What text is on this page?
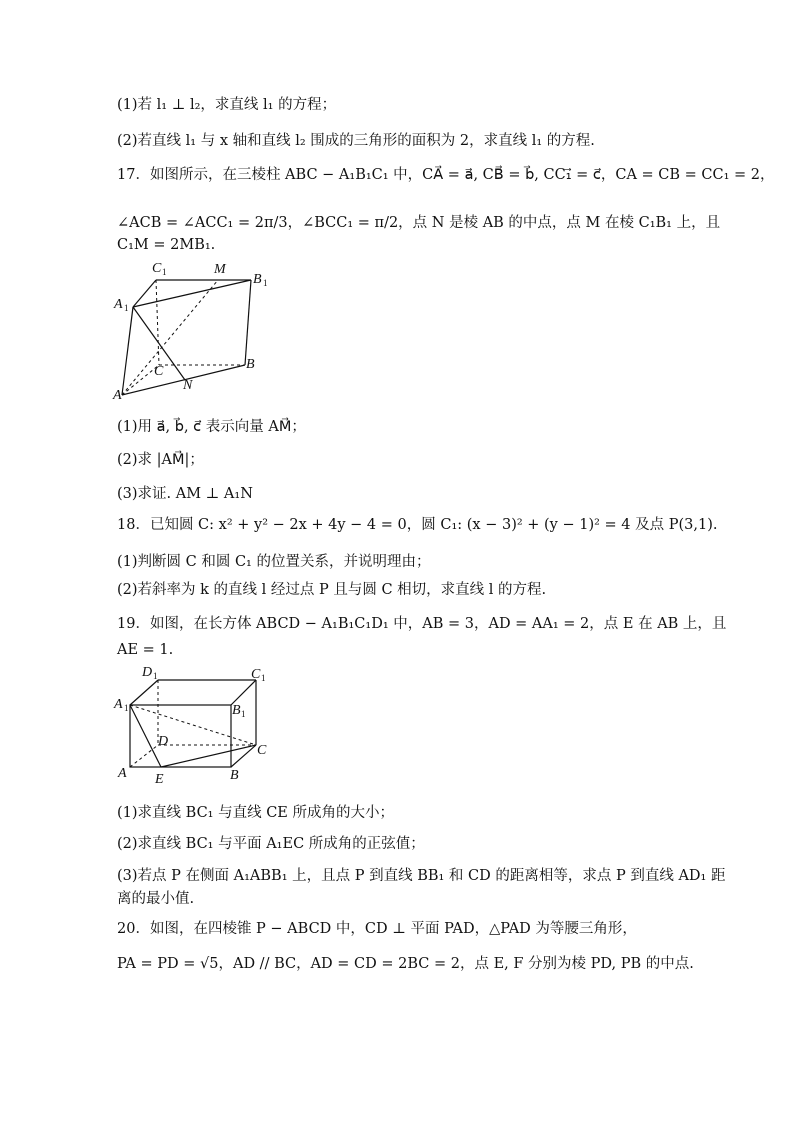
(1)若 l₁ ⊥ l₂，求直线 l₁ 的方程；
(2)若直线 l₁ 与 x 轴和直线 l₂ 围成的三角形的面积为 2，求直线 l₁ 的方程.
17．如图所示，在三棱柱 ABC − A₁B₁C₁ 中，CA⃗ = a⃗, CB⃗ = b⃗, CC₁⃗ = c⃗，CA = CB = CC₁ = 2，
∠ACB = ∠ACC₁ = 2π/3，∠BCC₁ = π/2，点 N 是棱 AB 的中点，点 M 在棱 C₁B₁ 上，且
C₁M = 2MB₁.
C 1	M
B 1
A 1
C	B
A
N
(1)用 a⃗, b⃗, c⃗ 表示向量 AM⃗；
(2)求 |AM⃗|；
(3)求证. AM ⊥ A₁N
18．已知圆 C: x² + y² − 2x + 4y − 4 = 0，圆 C₁: (x − 3)² + (y − 1)² = 4 及点 P(3,1).
(1)判断圆 C 和圆 C₁ 的位置关系，并说明理由；
(2)若斜率为 k 的直线 l 经过点 P 且与圆 C 相切，求直线 l 的方程.
19．如图，在长方体 ABCD − A₁B₁C₁D₁ 中，AB = 3，AD = AA₁ = 2，点 E 在 AB 上，且
AE = 1.
D 1	C 1
A 1	B 1
D
C
A E	B
(1)求直线 BC₁ 与直线 CE 所成角的大小；
(2)求直线 BC₁ 与平面 A₁EC 所成角的正弦值；
(3)若点 P 在侧面 A₁ABB₁ 上，且点 P 到直线 BB₁ 和 CD 的距离相等，求点 P 到直线 AD₁ 距
离的最小值.
20．如图，在四棱锥 P − ABCD 中，CD ⊥ 平面 PAD，△PAD 为等腰三角形，
PA = PD = √5，AD // BC，AD = CD = 2BC = 2，点 E, F 分别为棱 PD, PB 的中点.
